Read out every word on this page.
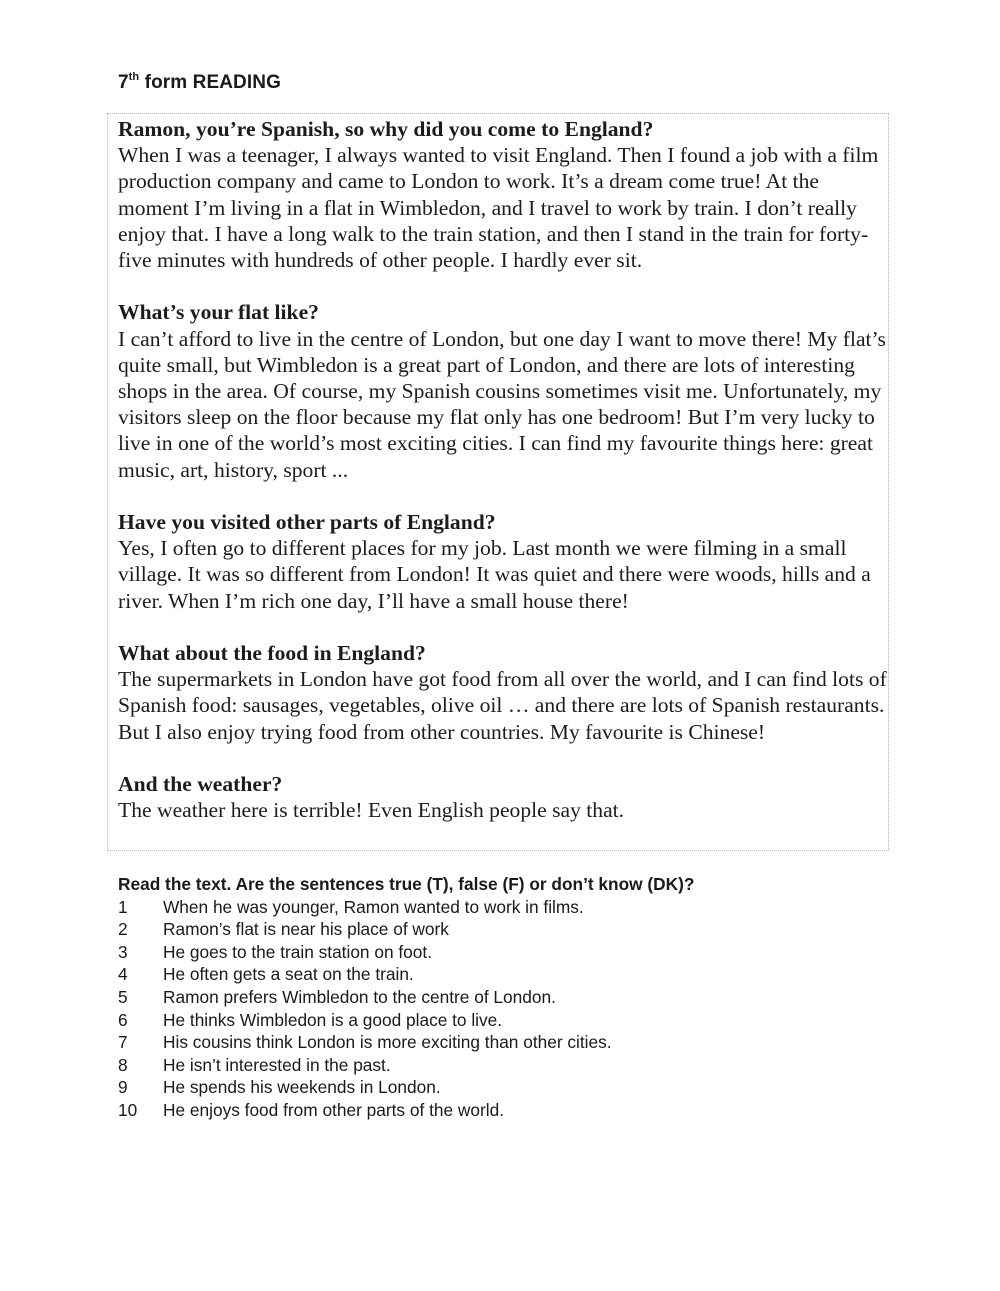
7th form READING
Ramon, you’re Spanish, so why did you come to England?
When I was a teenager, I always wanted to visit England. Then I found a job with a film production company and came to London to work. It’s a dream come true! At the moment I’m living in a flat in Wimbledon, and I travel to work by train. I don’t really enjoy that. I have a long walk to the train station, and then I stand in the train for forty-five minutes with hundreds of other people. I hardly ever sit.
What’s your flat like?
I can’t afford to live in the centre of London, but one day I want to move there! My flat’s quite small, but Wimbledon is a great part of London, and there are lots of interesting shops in the area. Of course, my Spanish cousins sometimes visit me. Unfortunately, my visitors sleep on the floor because my flat only has one bedroom! But I’m very lucky to live in one of the world’s most exciting cities. I can find my favourite things here: great music, art, history, sport ...
Have you visited other parts of England?
Yes, I often go to different places for my job. Last month we were filming in a small village. It was so different from London! It was quiet and there were woods, hills and a river. When I’m rich one day, I’ll have a small house there!
What about the food in England?
The supermarkets in London have got food from all over the world, and I can find lots of Spanish food: sausages, vegetables, olive oil … and there are lots of Spanish restaurants. But I also enjoy trying food from other countries. My favourite is Chinese!
And the weather?
The weather here is terrible! Even English people say that.
Read the text. Are the sentences true (T), false (F) or don’t know (DK)?
1	When he was younger, Ramon wanted to work in films.
2	Ramon’s flat is near his place of work
3	He goes to the train station on foot.
4	He often gets a seat on the train.
5	Ramon prefers Wimbledon to the centre of London.
6	He thinks Wimbledon is a good place to live.
7	His cousins think London is more exciting than other cities.
8	He isn’t interested in the past.
9	He spends his weekends in London.
10	He enjoys food from other parts of the world.
